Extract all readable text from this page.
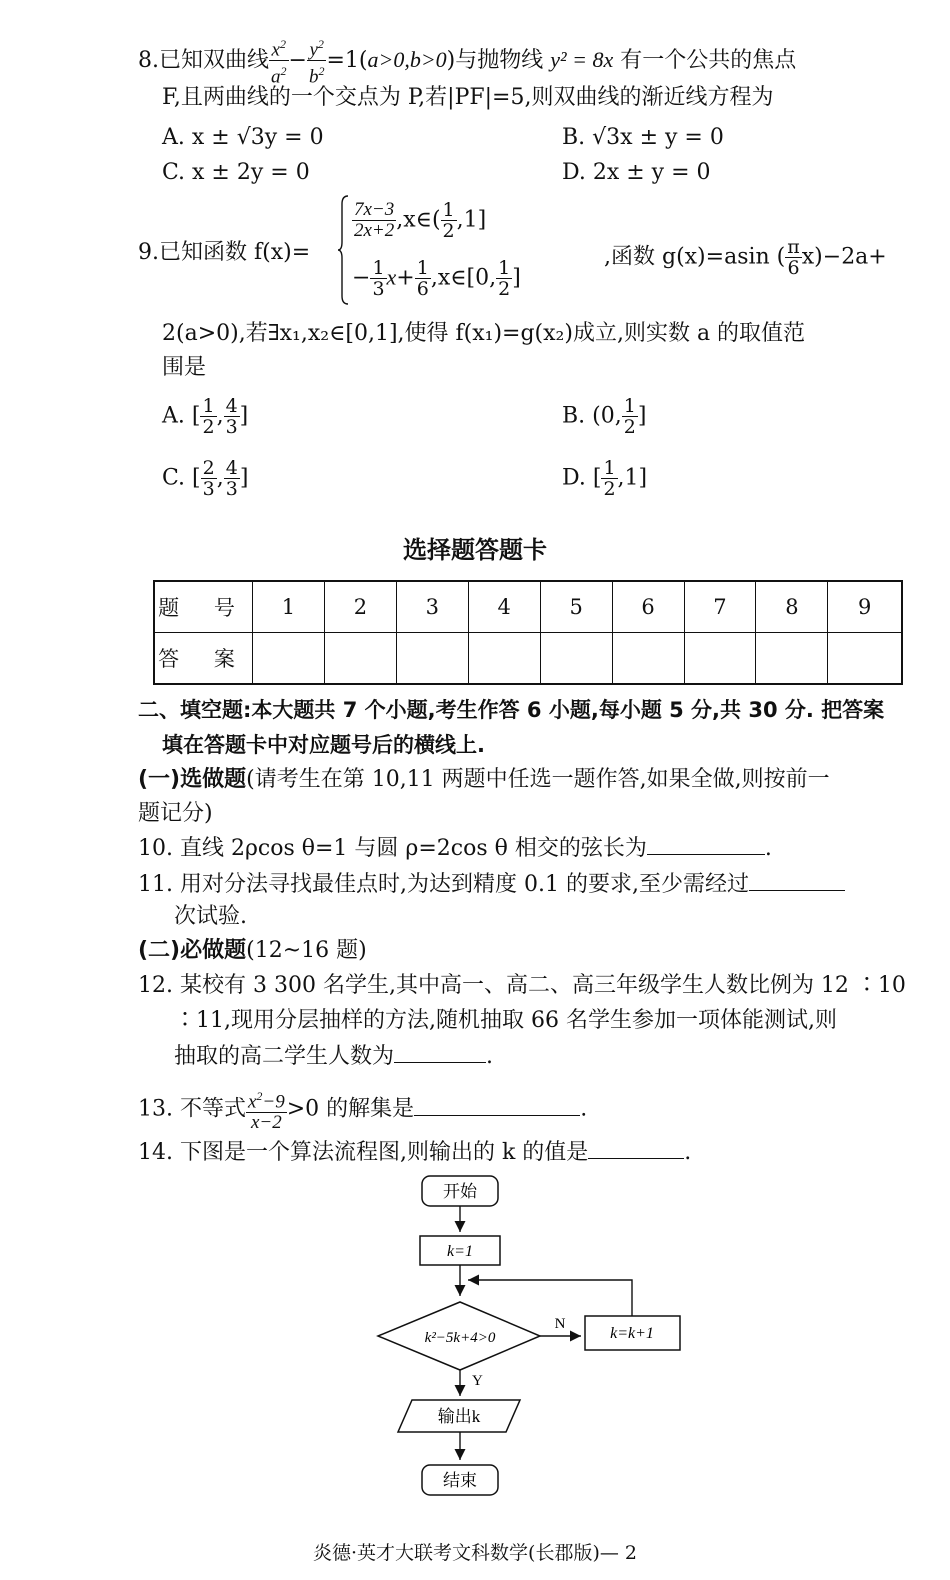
8.已知双曲线 $\frac{x^2}{a^2} - \frac{y^2}{b^2} =1(a>0,b>0)$与抛物线 y² = 8x 有一个公共的焦点
F,且两曲线的一个交点为 P,若|PF|=5,则双曲线的渐近线方程为
A. x ± √3y = 0	B. √3x ± y = 0
C. x ± 2y = 0	D. 2x ± y = 0
9.已知函数 f(x)=
$\frac{7x-3}{2x+2}$ ,x∈( $\frac{1}{2} ,1$]
− $\frac{1}{3} x+ \frac{1}{6}$ ,x∈[0, $\frac{1}{2}$ ]
,函数 g(x)=asin ( $\frac{\pi}{6} x)-2a+$
2(a>0),若∃x₁,x₂∈[0,1],使得 f(x₁)=g(x₂)成立,则实数 a 的取值范
围是
A. [ $\frac{1}{2}$ , $\frac{4}{3}$ ]	B. (0, $\frac{1}{2}$ ]
C. [ $\frac{2}{3}$ , $\frac{4}{3}$ ]	D. [ $\frac{1}{2} ,1$]
选择题答题卡
题 号	1	2	3	4	5	6	7	8	9
答 案									
二、填空题:本大题共 7 个小题,考生作答 6 小题,每小题 5 分,共 30 分. 把答案
填在答题卡中对应题号后的横线上.
(一)选做题(请考生在第 10,11 两题中任选一题作答,如果全做,则按前一
题记分)
10. 直线 2ρcos θ=1 与圆 ρ=2cos θ 相交的弦长为	.
11. 用对分法寻找最佳点时,为达到精度 0.1 的要求,至少需经过
次试验.
(二)必做题(12~16 题)
12. 某校有 3 300 名学生,其中高一、高二、高三年级学生人数比例为 12 ∶10
∶11,现用分层抽样的方法,随机抽取 66 名学生参加一项体能测试,则
抽取的高二学生人数为	.
13. 不等式 $\frac{x^2-9}{x-2} >0$ 的解集是	.
14. 下图是一个算法流程图,则输出的 k 的值是	.
开始
k=1
k²−5k+4>0
N
k=k+1
Y
输出k
结束
炎德·英才大联考文科数学(长郡版)— 2
